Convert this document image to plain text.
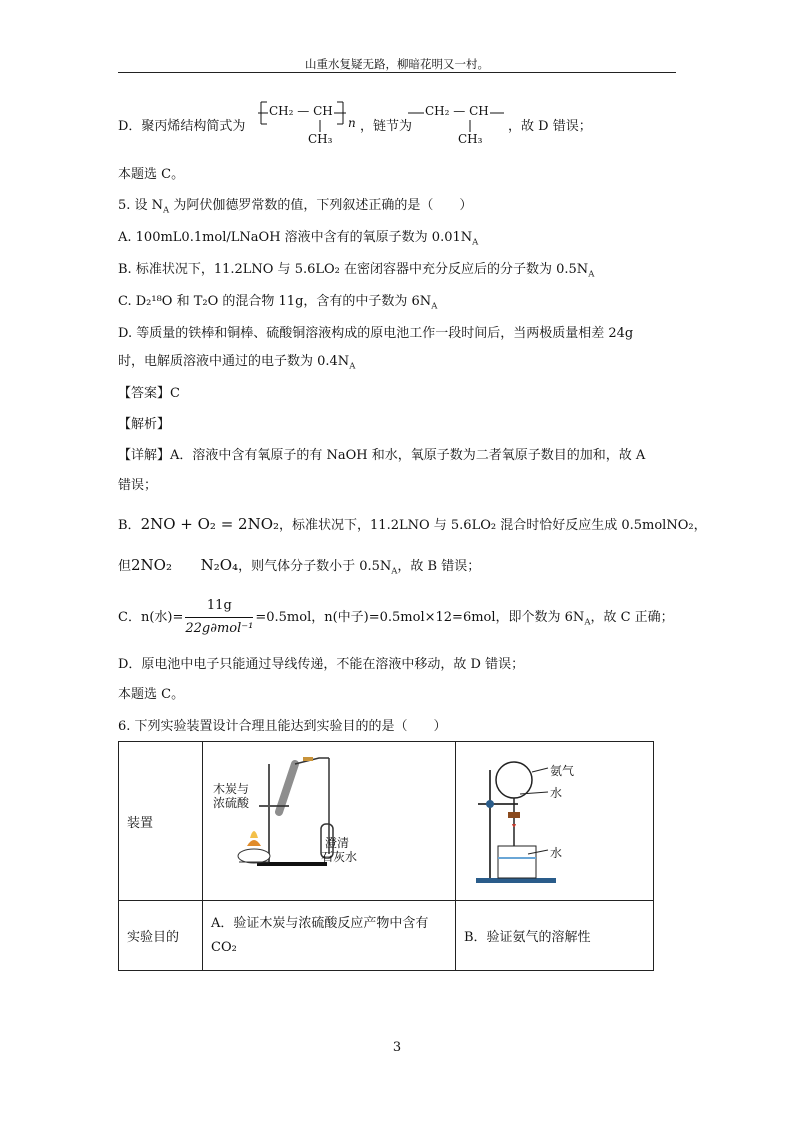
山重水复疑无路，柳暗花明又一村。
D．聚丙烯结构简式为
CH₂ — CH
CH₃
n ，链节为
CH₂ — CH
CH₃
，故 D 错误；
本题选 C。
5. 设 $N_A$ 为阿伏伽德罗常数的值，下列叙述正确的是（　　）
A. 100mL0.1mol/LNaOH 溶液中含有的氧原子数为 $0.01N_A$
B. 标准状况下，11.2LNO 与 5.6LO₂ 在密闭容器中充分反应后的分子数为 $0.5N_A$
C. D₂¹⁸O 和 T₂O 的混合物 11g，含有的中子数为 $6N_A$
D. 等质量的铁棒和铜棒、硫酸铜溶液构成的原电池工作一段时间后，当两极质量相差 24g
时，电解质溶液中通过的电子数为 $0.4N_A$
【答案】C
【解析】
【详解】A．溶液中含有氧原子的有 NaOH 和水，氧原子数为二者氧原子数目的加和，故 A
错误；
B．2NO + O₂ = 2NO₂，标准状况下，11.2LNO 与 5.6LO₂ 混合时恰好反应生成 0.5molNO₂，
但2NO₂      N₂O₄，则气体分子数小于 $0.5N_A$，故 B 错误；
C．n(水)= $\frac{11g}{\text{22g∂mol⁻¹}} =0.5mol$，n(中子)=0.5mol×12=6mol，即个数为 $6N_A$，故 C 正确；
D．原电池中电子只能通过导线传递，不能在溶液中移动，故 D 错误；
本题选 C。
6. 下列实验装置设计合理且能达到实验目的的是（　　）
装置	木炭与
浓硫酸
澄清
石灰水	氨气
水
水

实验目的	A．验证木炭与浓硫酸反应产物中含有
CO₂	B．验证氨气的溶解性
3
